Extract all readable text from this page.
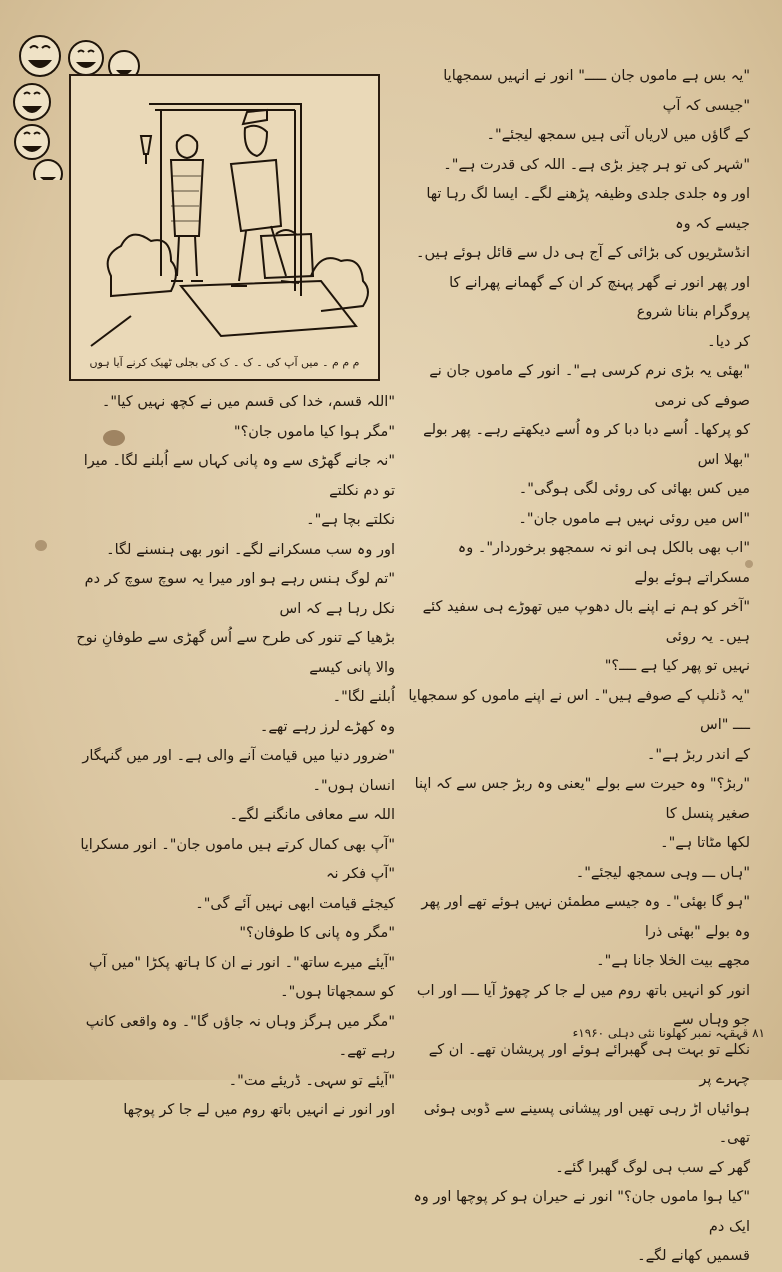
م م م ۔ میں آپ کی ۔ ک ۔ ک کی بجلی ٹھیک کرنے آیا ہوں

"یہ بس ہے ماموں جان ـــــ" انور نے انہیں سمجھایا "جیسی کہ آپ

کے گاؤں میں لاریاں آتی ہیں سمجھ لیجئے"۔

"شہر کی تو ہر چیز بڑی ہے۔ اللہ کی قدرت ہے"۔

اور وہ جلدی جلدی وظیفہ پڑھنے لگے۔ ایسا لگ رہا تھا جیسے کہ وہ

انڈسٹریوں کی بڑائی کے آج ہی دل سے قائل ہوئے ہیں۔

اور پھر انور نے گھر پہنچ کر ان کے گھمانے پھرانے کا پروگرام بنانا شروع

کر دیا۔

"بھئی یہ بڑی نرم کرسی ہے"۔ انور کے ماموں جان نے صوفے کی نرمی

کو پرکھا۔ اُسے دبا دبا کر وہ اُسے دیکھتے رہے۔ پھر بولے "بھلا اس

میں کس بھائی کی روئی لگی ہوگی"۔

"اس میں روئی نہیں ہے ماموں جان"۔

"اب بھی بالکل ہی انو نہ سمجھو برخوردار"۔ وہ مسکراتے ہوئے بولے

"آخر کو ہم نے اپنے بال دھوپ میں تھوڑے ہی سفید کئے ہیں۔ یہ روئی

نہیں تو پھر کیا ہے ــــ؟"

"یہ ڈنلپ کے صوفے ہیں"۔ اس نے اپنے ماموں کو سمجھایا ــــ "اس

کے اندر ربڑ ہے"۔

"ربڑ؟" وہ حیرت سے بولے "یعنی وہ ربڑ جس سے کہ اپنا صغیر پنسل کا

لکھا مٹاتا ہے"۔

"ہاں ـــ وہی سمجھ لیجئے"۔

"ہو گا بھئی"۔ وہ جیسے مطمئن نہیں ہوئے تھے اور پھر وہ بولے "بھئی ذرا

مجھے بیت الخلا جانا ہے"۔

انور کو انہیں باتھ روم میں لے جا کر چھوڑ آیا ــــ اور اب جو وہاں سے

نکلے تو بہت ہی گھبرائے ہوئے اور پریشان تھے۔ ان کے چہرے پر

ہوائیاں اڑ رہی تھیں اور پیشانی پسینے سے ڈوبی ہوئی تھی۔

گھر کے سب ہی لوگ گھبرا گئے۔

"کیا ہوا ماموں جان؟" انور نے حیران ہو کر پوچھا اور وہ ایک دم

قسمیں کھانے لگے۔

"اللہ قسم، خدا کی قسم میں نے کچھ نہیں کیا"۔

"مگر ہوا کیا ماموں جان؟"

"نہ جانے گھڑی سے وہ پانی کہاں سے اُبلنے لگا۔ میرا تو دم نکلتے

نکلتے بچا ہے"۔

اور وہ سب مسکرانے لگے۔ انور بھی ہنسنے لگا۔

"تم لوگ ہنس رہے ہو اور میرا یہ سوچ سوچ کر دم نکل رہا ہے کہ اس

بڑھیا کے تنور کی طرح سے اُس گھڑی سے طوفانِ نوح والا پانی کیسے

اُبلنے لگا"۔

وہ کھڑے لرز رہے تھے۔

"ضرور دنیا میں قیامت آنے والی ہے۔ اور میں گنہگار انسان ہوں"۔

اللہ سے معافی مانگنے لگے۔

"آپ بھی کمال کرتے ہیں ماموں جان"۔ انور مسکرایا "آپ فکر نہ

کیجئے قیامت ابھی نہیں آئے گی"۔

"مگر وہ پانی کا طوفان؟"

"آیئے میرے ساتھ"۔ انور نے ان کا ہاتھ پکڑا "میں آپ کو سمجھاتا ہوں"۔

"مگر میں ہرگز وہاں نہ جاؤں گا"۔ وہ واقعی کانپ رہے تھے۔

"آیئے تو سہی۔ ڈریئے مت"۔

اور انور نے انہیں باتھ روم میں لے جا کر پوچھا

۸۱ قہقہہ نمبر کھلونا نئی دہلی ۱۹۶۰ء
